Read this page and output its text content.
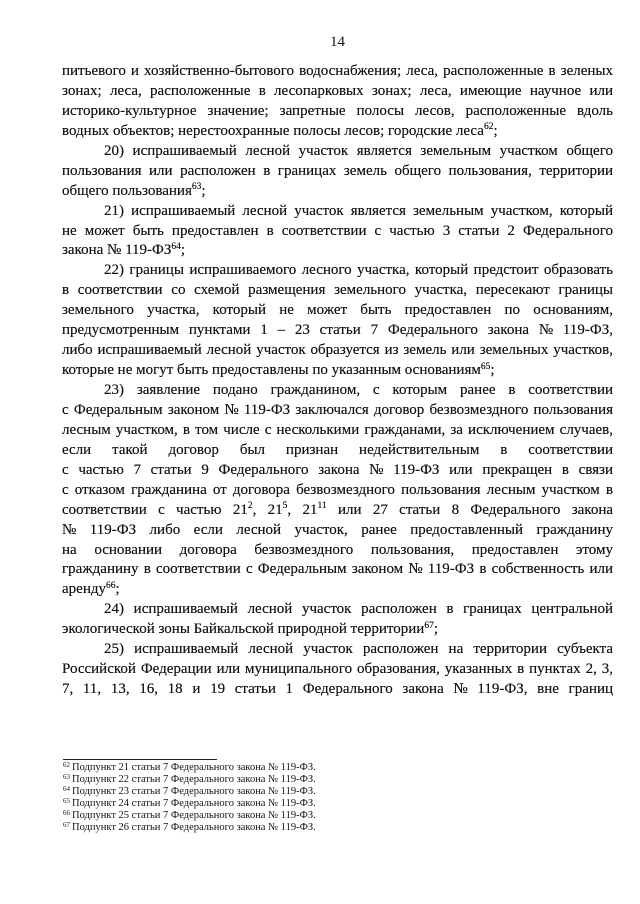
14
питьевого и хозяйственно-бытового водоснабжения; леса, расположенные в зеленых
зонах; леса, расположенные в лесопарковых зонах; леса, имеющие научное или
историко-культурное значение; запретные полосы лесов, расположенные вдоль
водных объектов; нерестоохранные полосы лесов; городские леса$^{62}$;
20) испрашиваемый лесной участок является земельным участком общего
пользования или расположен в границах земель общего пользования, территории
общего пользования$^{63}$;
21) испрашиваемый лесной участок является земельным участком, который
не может быть предоставлен в соответствии с частью 3 статьи 2 Федерального
закона № 119-ФЗ$^{64}$;
22) границы испрашиваемого лесного участка, который предстоит образовать
в соответствии со схемой размещения земельного участка, пересекают границы
земельного участка, который не может быть предоставлен по основаниям,
предусмотренным пунктами 1 – 23 статьи 7 Федерального закона № 119-ФЗ,
либо испрашиваемый лесной участок образуется из земель или земельных участков,
которые не могут быть предоставлены по указанным основаниям$^{65}$;
23) заявление подано гражданином, с которым ранее в соответствии
с Федеральным законом № 119-ФЗ заключался договор безвозмездного пользования
лесным участком, в том числе с несколькими гражданами, за исключением случаев,
если такой договор был признан недействительным в соответствии
с частью 7 статьи 9 Федерального закона № 119-ФЗ или прекращен в связи
с отказом гражданина от договора безвозмездного пользования лесным участком в
соответствии с частью 21$^2$, 21$^5$, 21$^{11}$ или 27 статьи 8 Федерального закона
№ 119-ФЗ либо если лесной участок, ранее предоставленный гражданину
на основании договора безвозмездного пользования, предоставлен этому
гражданину в соответствии с Федеральным законом № 119-ФЗ в собственность или
аренду$^{66}$;
24) испрашиваемый лесной участок расположен в границах центральной
экологической зоны Байкальской природной территории$^{67}$;
25) испрашиваемый лесной участок расположен на территории субъекта
Российской Федерации или муниципального образования, указанных в пунктах 2, 3,
7, 11, 13, 16, 18 и 19 статьи 1 Федерального закона № 119-ФЗ, вне границ
$^{62}$ Подпункт 21 статьи 7 Федерального закона № 119-ФЗ.
$^{63}$ Подпункт 22 статьи 7 Федерального закона № 119-ФЗ.
$^{64}$ Подпункт 23 статьи 7 Федерального закона № 119-ФЗ.
$^{65}$ Подпункт 24 статьи 7 Федерального закона № 119-ФЗ.
$^{66}$ Подпункт 25 статьи 7 Федерального закона № 119-ФЗ.
$^{67}$ Подпункт 26 статьи 7 Федерального закона № 119-ФЗ.
